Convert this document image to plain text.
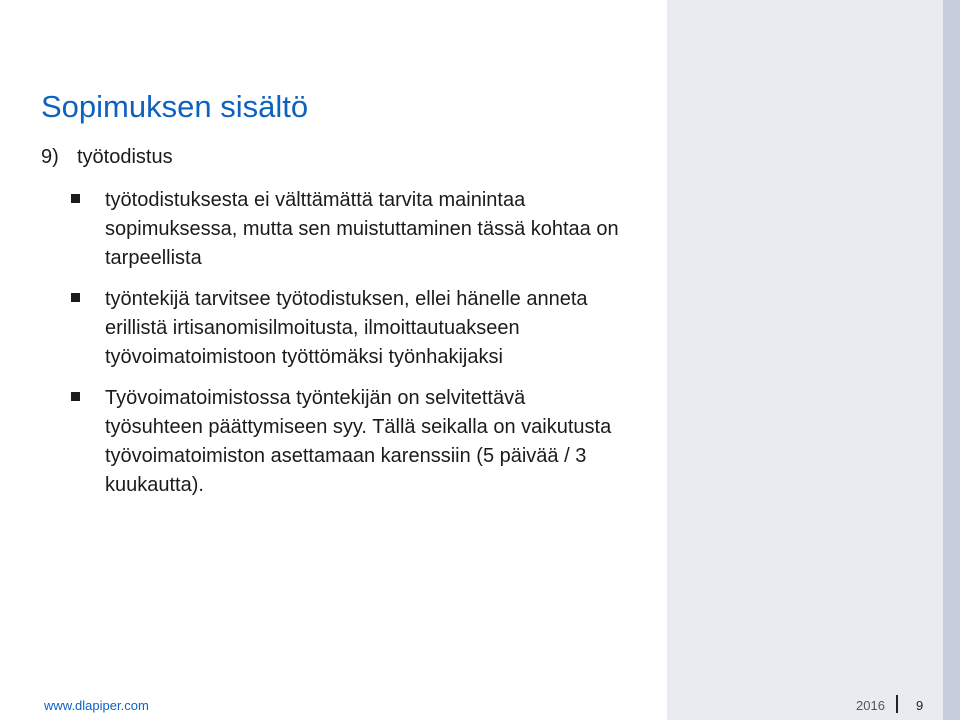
Sopimuksen sisältö
9) työtodistus
työtodistuksesta ei välttämättä tarvita mainintaa sopimuksessa, mutta sen muistuttaminen tässä kohtaa on tarpeellista
työntekijä tarvitsee työtodistuksen, ellei hänelle anneta erillistä irtisanomisilmoitusta, ilmoittautuakseen työvoimatoimistoon työttömäksi työnhakijaksi
Työvoimatoimistossa työntekijän on selvitettävä työsuhteen päättymiseen syy. Tällä seikalla on vaikutusta työvoimatoimiston asettamaan karenssiin (5 päivää / 3 kuukautta).
www.dlapiper.com	2016 9
